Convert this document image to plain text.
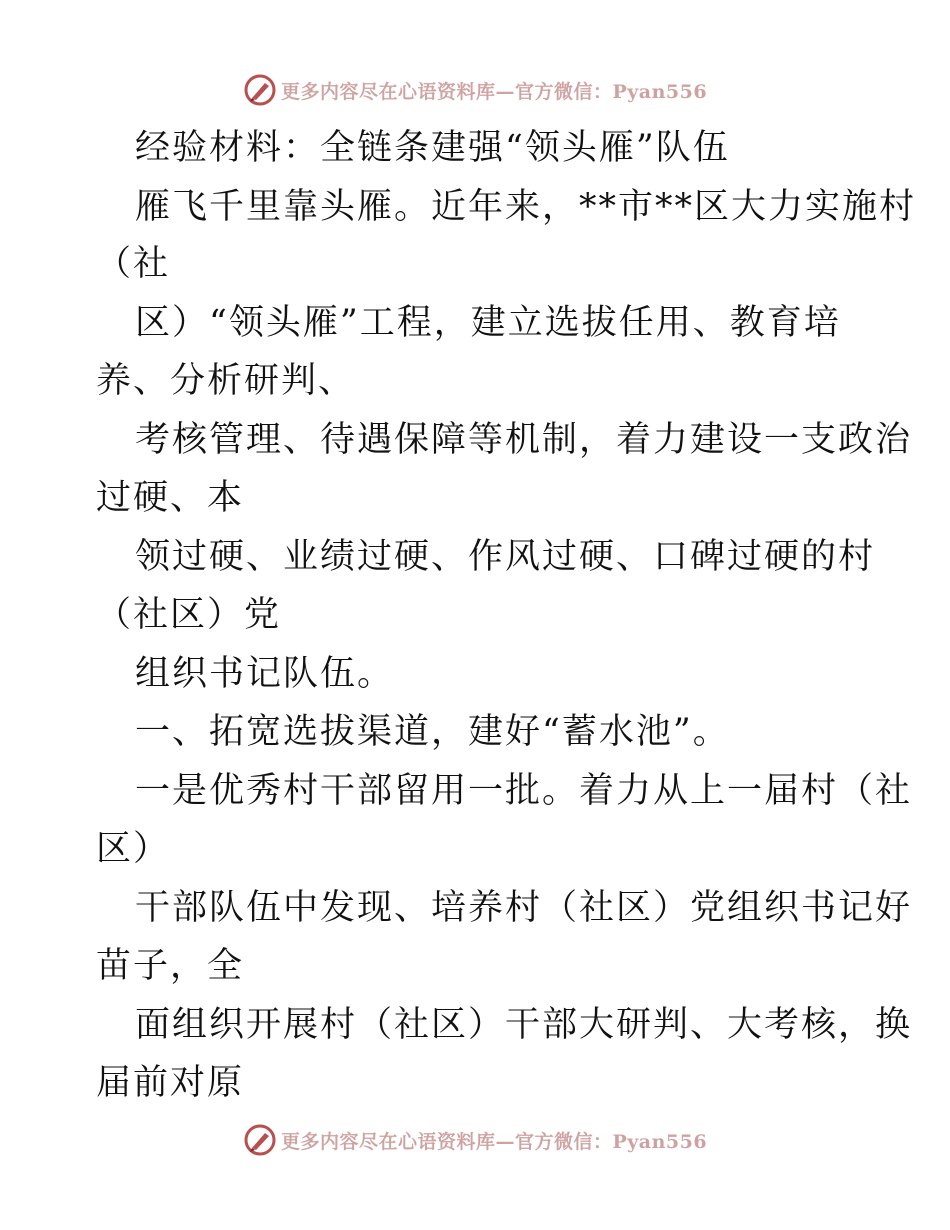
更多内容尽在心语资料库—官方微信：Pyan556
经验材料：全链条建强“领头雁”队伍
雁飞千里靠头雁。近年来，**市**区大力实施村
（社
区）“领头雁”工程，建立选拔任用、教育培
养、分析研判、
考核管理、待遇保障等机制，着力建设一支政治
过硬、本
领过硬、业绩过硬、作风过硬、口碑过硬的村
（社区）党
组织书记队伍。
一、拓宽选拔渠道，建好“蓄水池”。
一是优秀村干部留用一批。着力从上一届村（社
区）
干部队伍中发现、培养村（社区）党组织书记好
苗子，全
面组织开展村（社区）干部大研判、大考核，换
届前对原
更多内容尽在心语资料库—官方微信：Pyan556
